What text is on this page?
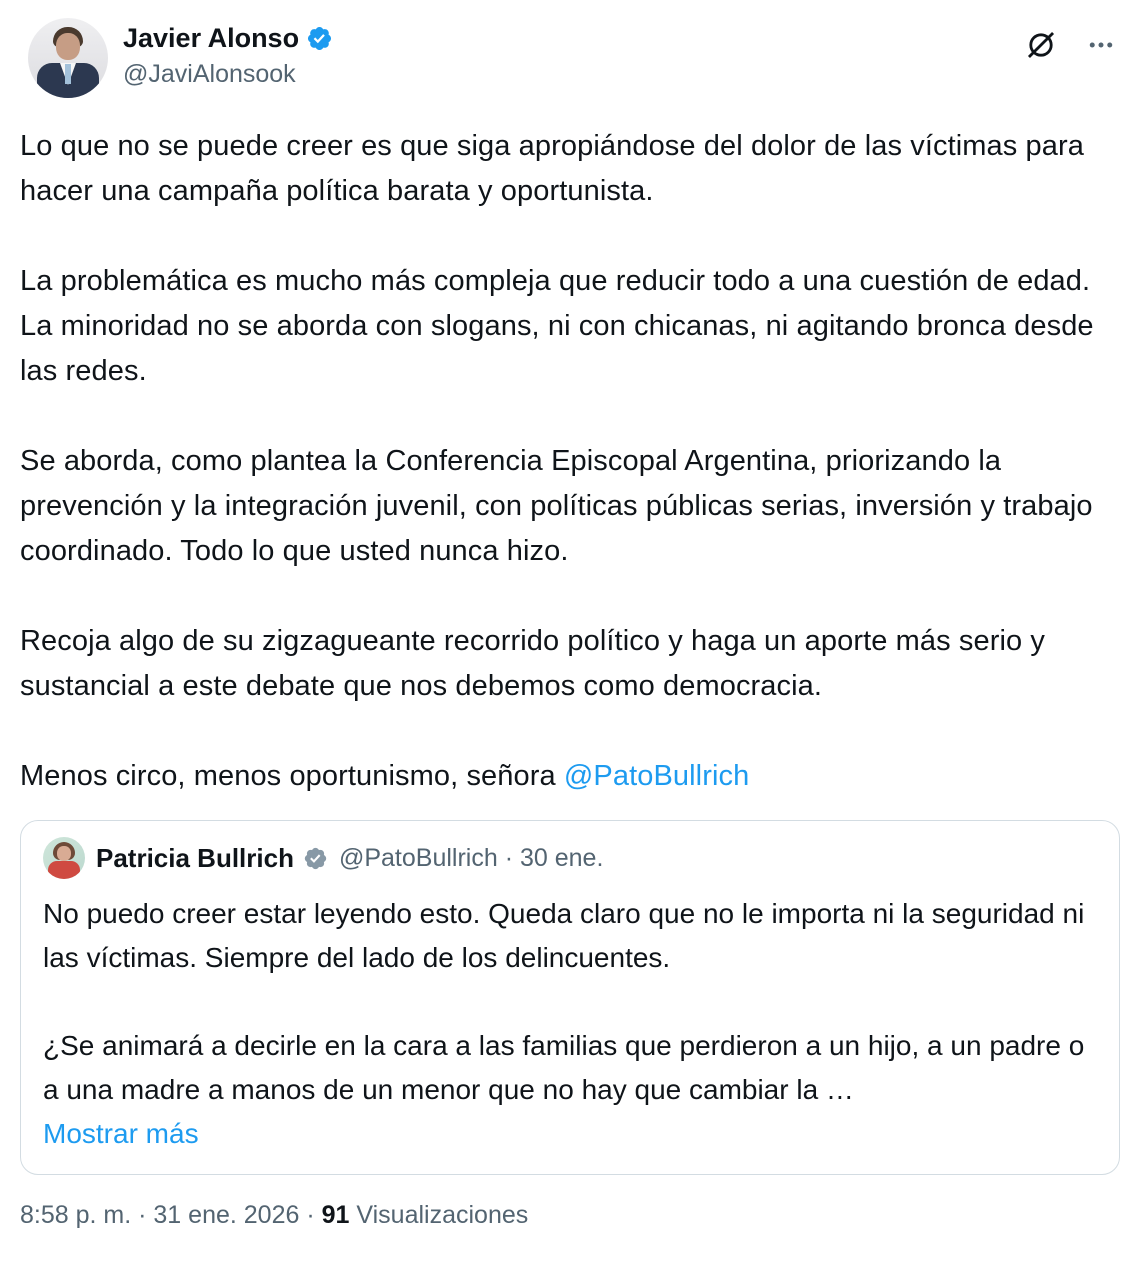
Javier Alonso
@JaviAlonsook

Lo que no se puede creer es que siga apropiándose del dolor de las víctimas para hacer una campaña política barata y oportunista.

La problemática es mucho más compleja que reducir todo a una cuestión de edad. La minoridad no se aborda con slogans, ni con chicanas, ni agitando bronca desde las redes.

Se aborda, como plantea la Conferencia Episcopal Argentina, priorizando la prevención y la integración juvenil, con políticas públicas serias, inversión y trabajo coordinado. Todo lo que usted nunca hizo.

Recoja algo de su zigzagueante recorrido político y haga un aporte más serio y sustancial a este debate que nos debemos como democracia.

Menos circo, menos oportunismo, señora @PatoBullrich

Patricia Bullrich @PatoBullrich · 30 ene.

No puedo creer estar leyendo esto. Queda claro que no le importa ni la seguridad ni las víctimas. Siempre del lado de los delincuentes.

¿Se animará a decirle en la cara a las familias que perdieron a un hijo, a un padre o a una madre a manos de un menor que no hay que cambiar la …
Mostrar más

8:58 p. m. · 31 ene. 2026 · 91 Visualizaciones
